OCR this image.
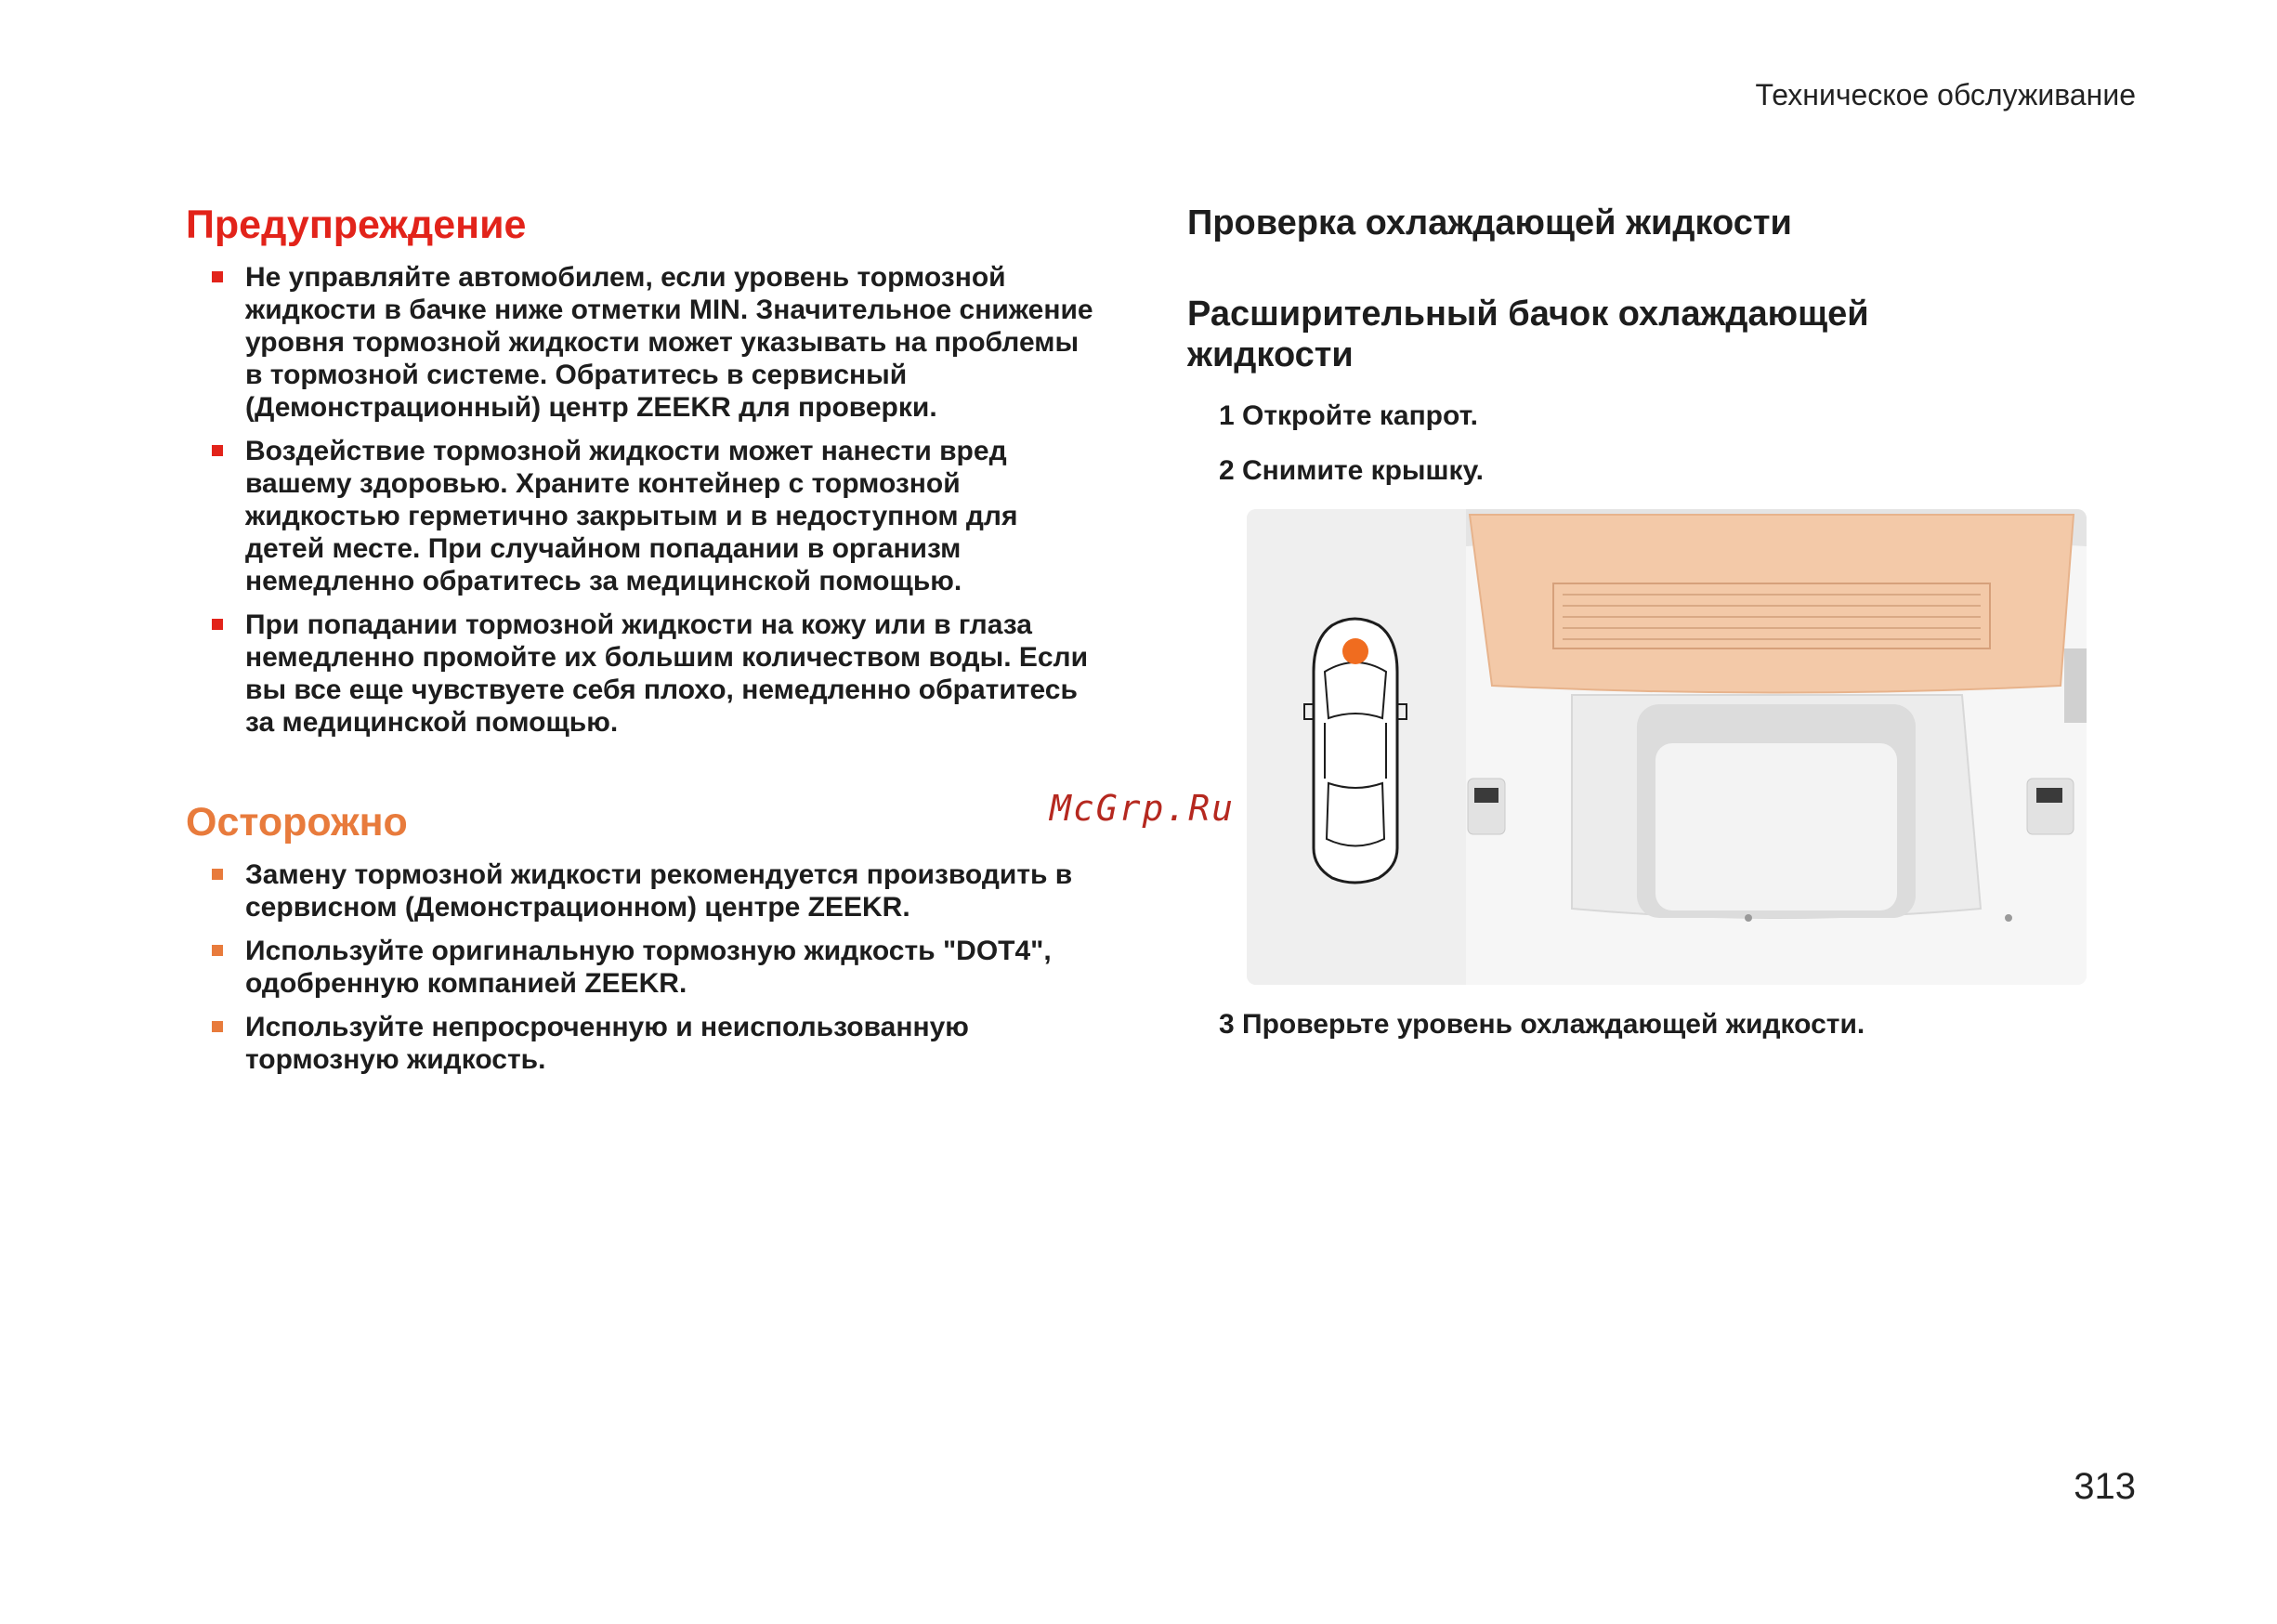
Техническое обслуживание
McGrp.Ru
Предупреждение
Не управляйте автомобилем, если уровень тормозной жидкости в бачке ниже отметки MIN. Значительное снижение уровня тормозной жидкости может указывать на проблемы в тормозной системе. Обратитесь в сервисный (Демонстрационный) центр ZEEKR для проверки.
Воздействие тормозной жидкости может нанести вред вашему здоровью. Храните контейнер с тормозной жидкостью герметично закрытым и в недоступном для детей месте. При случайном попадании в организм немедленно обратитесь за медицинской помощью.
При попадании тормозной жидкости на кожу или в глаза немедленно промойте их большим количеством воды. Если вы все еще чувствуете себя плохо, немедленно обратитесь за медицинской помощью.
Осторожно
Замену тормозной жидкости рекомендуется производить в сервисном (Демонстрационном) центре ZEEKR.
Используйте оригинальную тормозную жидкость "DOT4", одобренную компанией ZEEKR.
Используйте непросроченную и неиспользованную тормозную жидкость.
Проверка охлаждающей жидкости
Расширительный бачок охлаждающей жидкости
1 Откройте капрот.
2 Снимите крышку.
3 Проверьте уровень охлаждающей жидкости.
313
